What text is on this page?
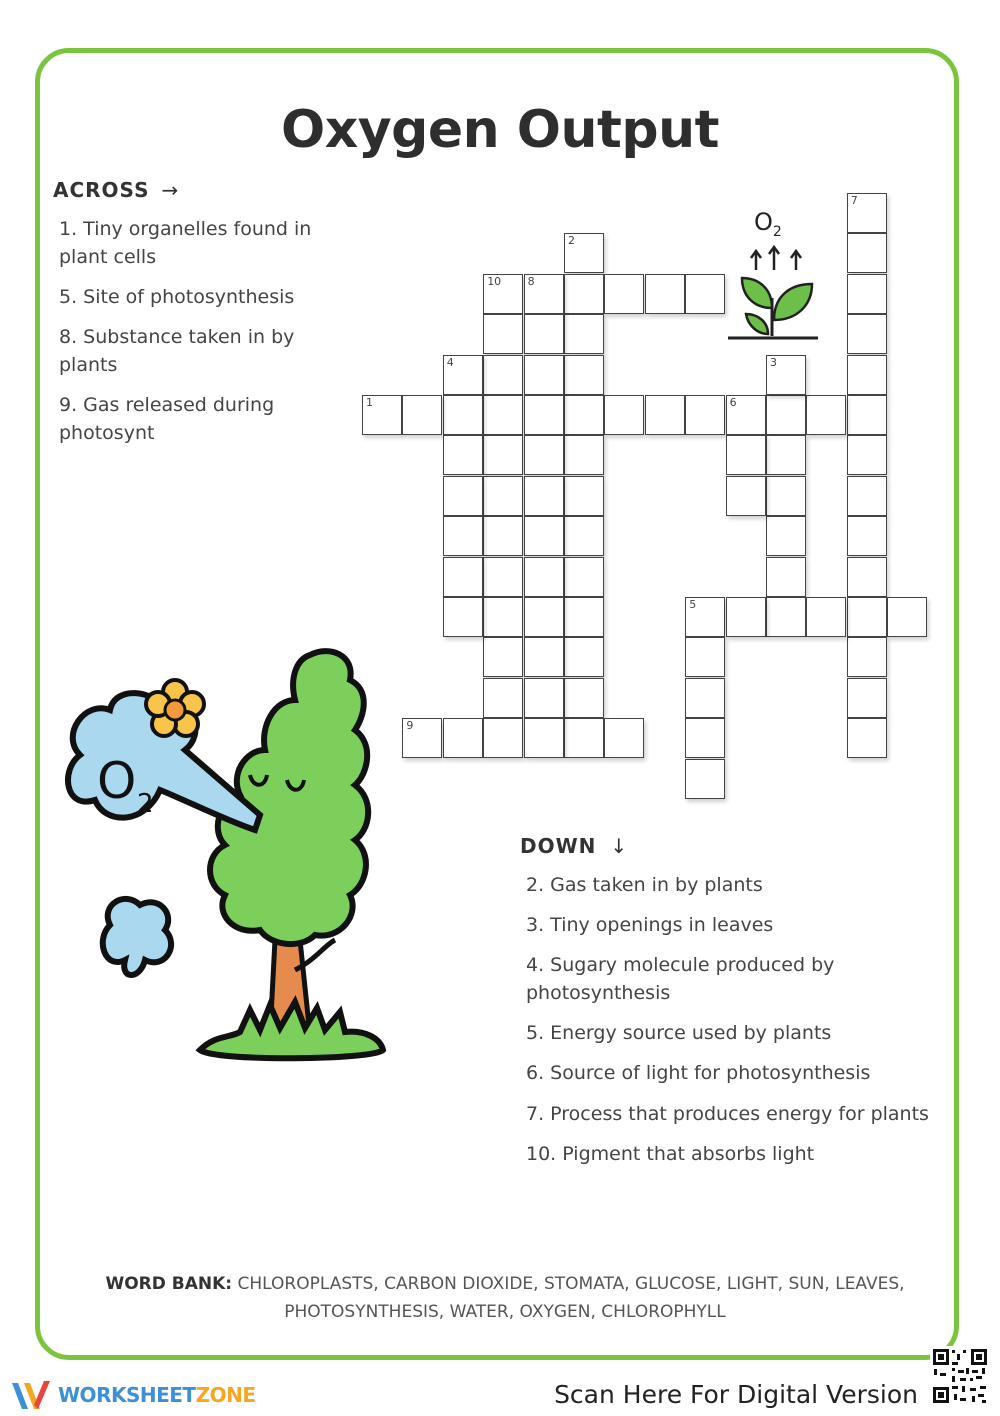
Oxygen Output
ACROSS →
1. Tiny organelles found in plant cells
5. Site of photosynthesis
8. Substance taken in by plants
9. Gas released during photosynt
7
2
10 8
4
1	6
3
5
9
$O_2$
O 2
DOWN ↓
2. Gas taken in by plants
3. Tiny openings in leaves
4. Sugary molecule produced by photosynthesis
5. Energy source used by plants
6. Source of light for photosynthesis
7. Process that produces energy for plants
10. Pigment that absorbs light
WORD BANK: CHLOROPLASTS, CARBON DIOXIDE, STOMATA, GLUCOSE, LIGHT, SUN, LEAVES, PHOTOSYNTHESIS, WATER, OXYGEN, CHLOROPHYLL
WORKSHEETZONE	Scan Here For Digital Version
